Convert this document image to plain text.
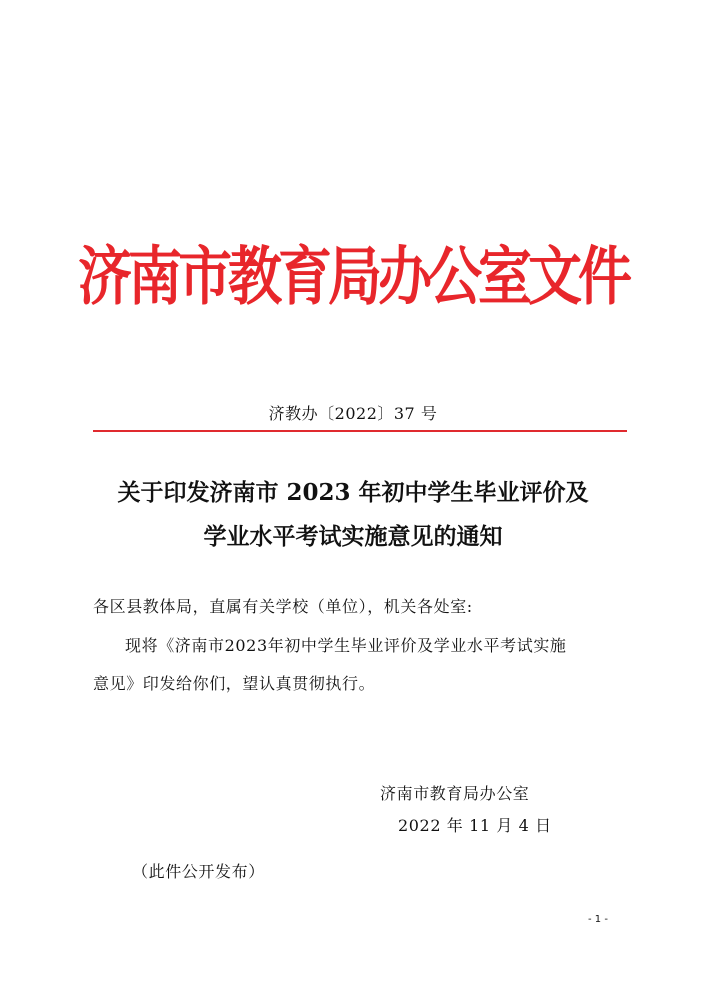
济南市教育局办公室文件
济教办〔2022〕37 号
关于印发济南市 2023 年初中学生毕业评价及
学业水平考试实施意见的通知
各区县教体局，直属有关学校（单位），机关各处室:
现将《济南市2023年初中学生毕业评价及学业水平考试实施
意见》印发给你们，望认真贯彻执行。
济南市教育局办公室
2022 年 11 月 4 日
（此件公开发布）
- 1 -
